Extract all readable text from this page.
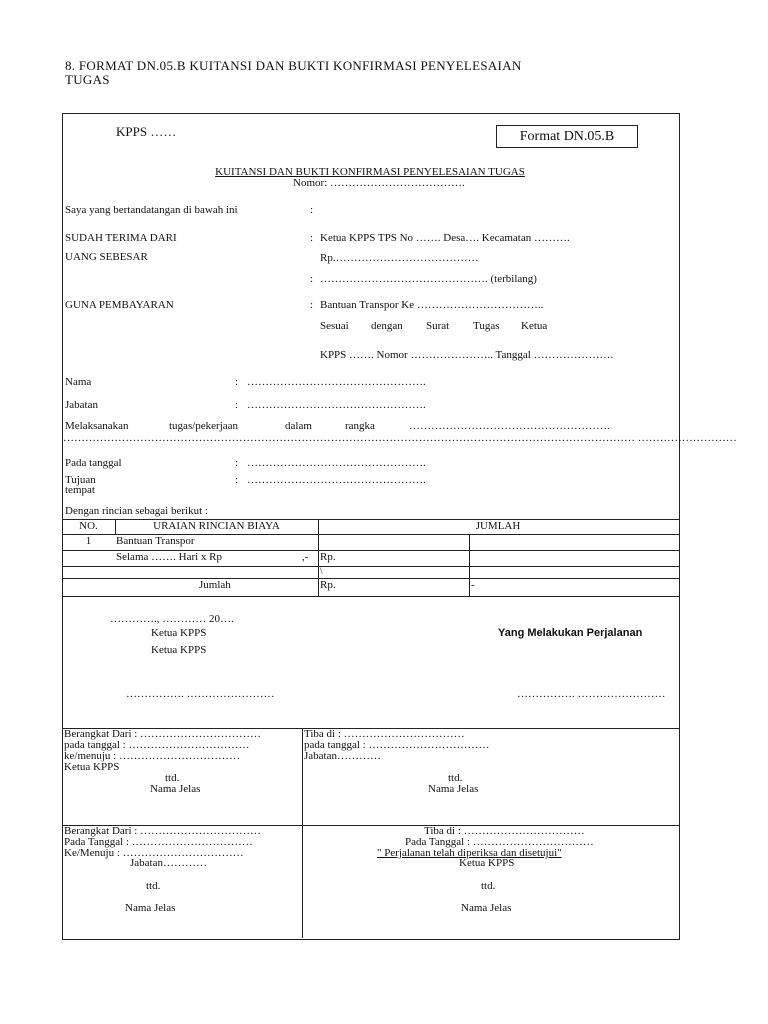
8. FORMAT DN.05.B KUITANSI DAN BUKTI KONFIRMASI PENYELESAIAN
TUGAS
KPPS ……	Format DN.05.B
KUITANSI DAN BUKTI KONFIRMASI PENYELESAIAN TUGAS
Nomor: ……………………………….
Saya yang bertandatangan di bawah ini	:
SUDAH TERIMA DARI	: Ketua KPPS TPS No ……. Desa…. Kecamatan ……….
UANG SEBESAR	Rp.…………………………………
: ………………………………………. (terbilang)
GUNA PEMBAYARAN	: Bantuan Transpor Ke ……………………………..
Sesuai dengan Surat Tugas Ketua
KPPS ……. Nomor ………………….. Tanggal ………………….
Nama	: ………………………………………….
Jabatan	: ………………………………………….
Melaksanakan	tugas/pekerjaan	dalam	rangka	……………………………………………….
………………………………………………………………………………………………………………………………………… ………………………
Pada tanggal	: ………………………………………….
Tujuan	: ………………………………………….
tempat
Dengan rincian sebagai berikut :
NO.	URAIAN RINCIAN BIAYA	JUMLAH
1	Bantuan Transpor
Selama ……. Hari x Rp	,- Rp.
\
Jumlah	Rp.	-
…………., ………… 20….
Ketua KPPS
Ketua KPPS
Yang Melakukan Perjalanan
……………. ……………………	……………. ……………………
Berangkat Dari : ……………………………
pada tanggal : ……………………………
ke/menuju : ……………………………
Ketua KPPS
ttd.
Nama Jelas
Tiba di : ……………………………
pada tanggal : ……………………………
Jabatan…………
ttd.
Nama Jelas
Berangkat Dari : ……………………………
Pada Tanggal : ……………………………
Ke/Menuju : ……………………………
Jabatan…………
ttd.
Nama Jelas
Tiba di : ……………………………
Pada Tanggal : ……………………………
" Perjalanan telah diperiksa dan disetujui"
Ketua KPPS
ttd.
Nama Jelas
